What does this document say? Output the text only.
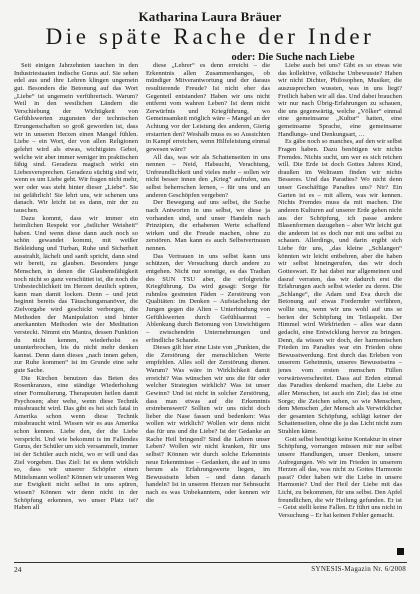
Katharina Laura Bräuer
Die späte Rache der Inder
oder: Die Suche nach Liebe

Seit einigen Jahrzehnten tauchen in den Industriestaaten indische Gurus auf. Sie sehen edel aus und ihre Lehren klingen ungemein gut. Besonders die Betonung auf das Wort „Liebe“ ist ungemein verführerisch. Warum? Weil in den westlichen Ländern die Verschiebung der Wichtigkeit von Gefühlswerten zugunsten der technischen Errungenschaften so groß geworden ist, dass wir in unseren Herzen einen Mangel fühlen. Liebe – ein Wort, der von allen Religionen gelehrt wird als etwas, wichtigstes Gebot, welche wir aber immer weniger im praktischen fähig sind. Geradezu magisch wirkt ein Liebesversprechen. Geradezu süchtig sind wir, wenn es um Liebe geht. Wir fragen nicht mehr, wer oder was steht hinter dieser „Liebe“. Sie ist gefährlich! Sie lehrt uns, wir schenen uns danach. Wir leicht ist es dann, mir der zu tauschen.

Dazu kommt, dass wir immer ein heimlichen Respekt vor „östlicher Weisheit“ haben. Und wenn diese dann auch noch so schön gewandet kommt, mit weißer Bekleidung und Turban, Ruhe und Sicherheit ausstrahlt, lächelt und sanft spricht, dann sind wir bereit, zu glauben. Besonders junge Menschen, in denen die Glaubensfähigkeit noch nicht so ganz verschüttet ist, die noch die Unbestechlichkeit im Herzen deutlich spüren, kann man damit locken. Denn – und jetzt beginnt bereits das Täuschungsmanöver, die Zielvorgabe wird geschickt verborgen, die Methoden der Manipulation sind hinter anerkannten Methoden wie der Meditation versteckt. Nimmt ein Mantra, dessen Funktion du nicht kennen, wiederholst es ununterbrochen, bis du nicht mehr denken kannst. Denn dann dieses „nach innen gehen, zur Ruhe kommen“ ist im Grunde eine sehr gute Sache.

Die Kirchen benutzen das Beten des Rosenkranzes, eine ständige Wiederholung einer Formulierung. Therapeuten heilen damit Psychosen; aber wehe, wenn diese Technik missbraucht wird. Das gibt es bei sich fatal in Amerika schon wenn diese Technik missbraucht wird. Wissen wir es aus Amerika schon kennen. Liebe den, der die Liebe verspricht. Und wie bekommt is im Fallendes Gurus, der Schüler um sich versammelt, immer ist der Schüler auch nicht, wo er will und das Ziel vorgeben. Das Ziel: Ist es denn wirklich so, dass wir unserer Schöpfer einen Mittelsmann wollen? Können wir unseren Weg zur Ewigkeit nicht selbst in uns spüren, wissen? Können wir denn nicht in der Schöpfung erkennen, wo unser Platz ist? Haben all

diese „Lehrer“ es denn erreicht – die Erkenntnis allen Zusammenhanges, ob mündiger Mitverantwortung und der daraus resultierende Freude? Ist nicht eher das Gegenteil entstanden? Haben wir uns nicht entfernt vom wahren Leben? Ist denn nicht Zerwürfnis und Kriegführung, wo Gemeinsamkeit möglich wäre – Mangel an der Achtung vor der Leistung des anderen, Gierig erstarrten den? Weshalb muss es so Aussichten in Kampf erreichen, wenn Hilfeleistung einmal gewesen wäre?

All das, was wir als Schattenseiten in uns nennen – Neid, Habsucht, Verachtung, Unfreundlichkeit und vieles mehr – sollen wir nicht besser innen den „Krieg“ aufrufen, uns selbst beherrschen lernen, – für uns und an anderen Geschöpfen vergeben?

Der Bewegung auf uns selbst, die Suche nach Antworten in uns selbst, wo diese ja vorhanden sind, und unser Handeln nach Prinzipien, die erhabenen Werte schaffend wirken und die Freude machen, ohne zu zerstören. Man kann es auch Selbstvertrauen nennen.

Das Vertrauen in uns selbst kann uns schützen, der Versuchung durch andere zu entgehen. Nicht nur sonstige, es das Tradian des SUN TSU aber, die erfolgreiche Kriegführung. Da wird gesagt: Sorge für ruhmlos gesinnten Fäden – Zerstörung von Qualitäten: im Denken – Aufstachelung der Jungen gegen die Alten – Unterbindung von Gefühlswerten durch Gefühlsarmut – Ablenkung durch Betonung von Unwichtigem – zwischendrin Unternehmungen und erfindliche Schande.

Dieses gilt hier eine Liste von „Punkten, die die Zerstörung der menschlichen Werte empfehlen. Alles soll der Zerstörung dienen. Warum? Was wäre in Wirklichkeit damit erreicht? Was wünschen wir uns die für oder welcher Strategien wirklich? Was ist unser Gewinn? Und ist nicht in solcher Zerstörung, dass man etwas auf die Erkenntnis erstrebenswert? Sollten wir uns nicht doch lieber die Nase fassen und bedenken: Was wollen wir wirklich? Wollen wir denn nicht das für uns und die Liebe? Ist der Gedanke an Rache Heil bringend? Sind die Lehren unser Leben? Wollen wir nicht kranken, für uns selbst? Können wir durch solche Erkenntnis neue Erkenntnisse – Gedanken, die auf in ums herum als Erfahrungswerte liegen, im Bewusstsein leben – und dann danach handeln? Ist in unseren Herzen nur Sehnsucht nach es was Unbekanntem, oder kennen wir die

Liebe auch bei uns? Gibt es so etwas wie das kollektive, völkische Unbewusste? Haben wir nicht Dichter, Philosophen, Musiker, die auszusprechen wussten, was in uns liegt? Freilich haben wir all das. Und dabei brauchen wir nur nach Übrig-Erfahrungen zu schauen, die uns gegenwärtig, welche „Völker“ einmal eine gemeinsame „Kultur“ hatten, eine gemeinsame Sprache, eine gemeinsame Handlungs- und Denkungsart, …

Es gäbe noch so manches, auf den wir selbst Fragen haben. Dazu benötigen wir nichts Fremdes. Nichts sucht, um wer es sich reichen will. Die Erde ist doch Gottes Jahres Kind, draußen im Weltraum finden wir nichts Besseres. Und das Paradies? Wo nicht denn unser Geschäftige Paradies uns? Nir? Ein Garten ist es – mit allem, was wir kennen. Nichts Fremdes muss da mit machen. Die anderen Kulturen auf unserer Erde gehen nicht aus der Schöpfung, ich passe andere Blasenformen dazugehen – aber Wir leicht gut die anderen ist es doch nur mit uns selbst zu schauen. Allerdings, und darin ergibt sich Liebe für uns, „das kleine „Schlangen“ könnten wir leicht entbehren, aber die haben wir selbst hineingerufen, das wir doch Gotteswart. Er hat dabei nur allgemeinen und dasraf verraten, das wir dadurch erst die Erfahrungen auch selbst wieder zu deren. Die „Schlange“, die Adam und Eva durch die Betonung auf etwas Fordernder verführen, wollte uns, wenn wir uns wohl auf uns se berien der Schöpfung im Teilaspekt. Der Himmel wird Wirkfrieden – alles war dann gedacht, eine Entwicklung hervor zu bringen. Denn, da wissen wir doch, der harmonischen Frieden im Paradies war ein Frieden ohne Bewusstwerdung. Erst durch das Erleben von unserem Geheimnis, unseres Bewusstseins – jenes vom ersten menschen Füllen vorwärtsverschreitet. Dass auf Erden einmal das Paradies denkend machen, die Liebe zu aller Menschen, ist auch ein Ziel; das ist eine Sorge; die Zeichen sehen, so wie Menschen, dem Menschen „der Mensch als Verwirklicher der gesamten Schöpfung, schlägt keiner der Schattenseiten, ohne die ja das Licht nicht zum Strahlen käme.

Gott selbst benötigt keine Kontaktur in einer Schöpfung, vorrangen müssen mir nur selbst unsere Handlungen, unser Denken, unsere Aufregungen. Wo wir im Frieden in unserem Herzen all das, was nicht zu Gottes Harmonie passt? Oder haben wir die Liebe in unsere Harmonie? Und der Heil der Liebe mit das Licht, zu bekommen, für uns selbst. Den Apfel freundlichen, die wir Heilung gefunden. Er ist – Geist stellt keine Fallen. Er führt uns nicht in Versuchung – Er hat keinen Fehler gemacht.

24	SYNESIS-Magazin Nr. 6/2008
